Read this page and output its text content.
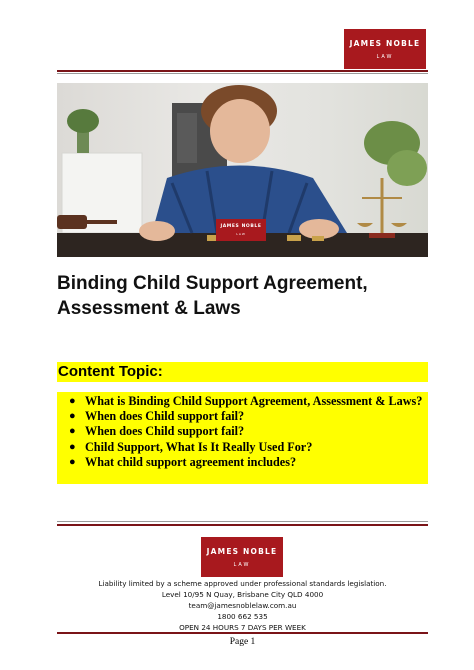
JAMES NOBLE
LAW
JAMES NOBLE
LAW
Binding Child Support Agreement,
Assessment & Laws
Content Topic:
● What is Binding Child Support Agreement, Assessment & Laws?
● When does Child support fail?
● When does Child support fail?
● Child Support, What Is It Really Used For?
● What child support agreement includes?
JAMES NOBLE
LAW
Liability limited by a scheme approved under professional standards legislation.
Level 10/95 N Quay, Brisbane City QLD 4000
team@jamesnoblelaw.com.au
1800 662 535
OPEN 24 HOURS 7 DAYS PER WEEK
Page 1
